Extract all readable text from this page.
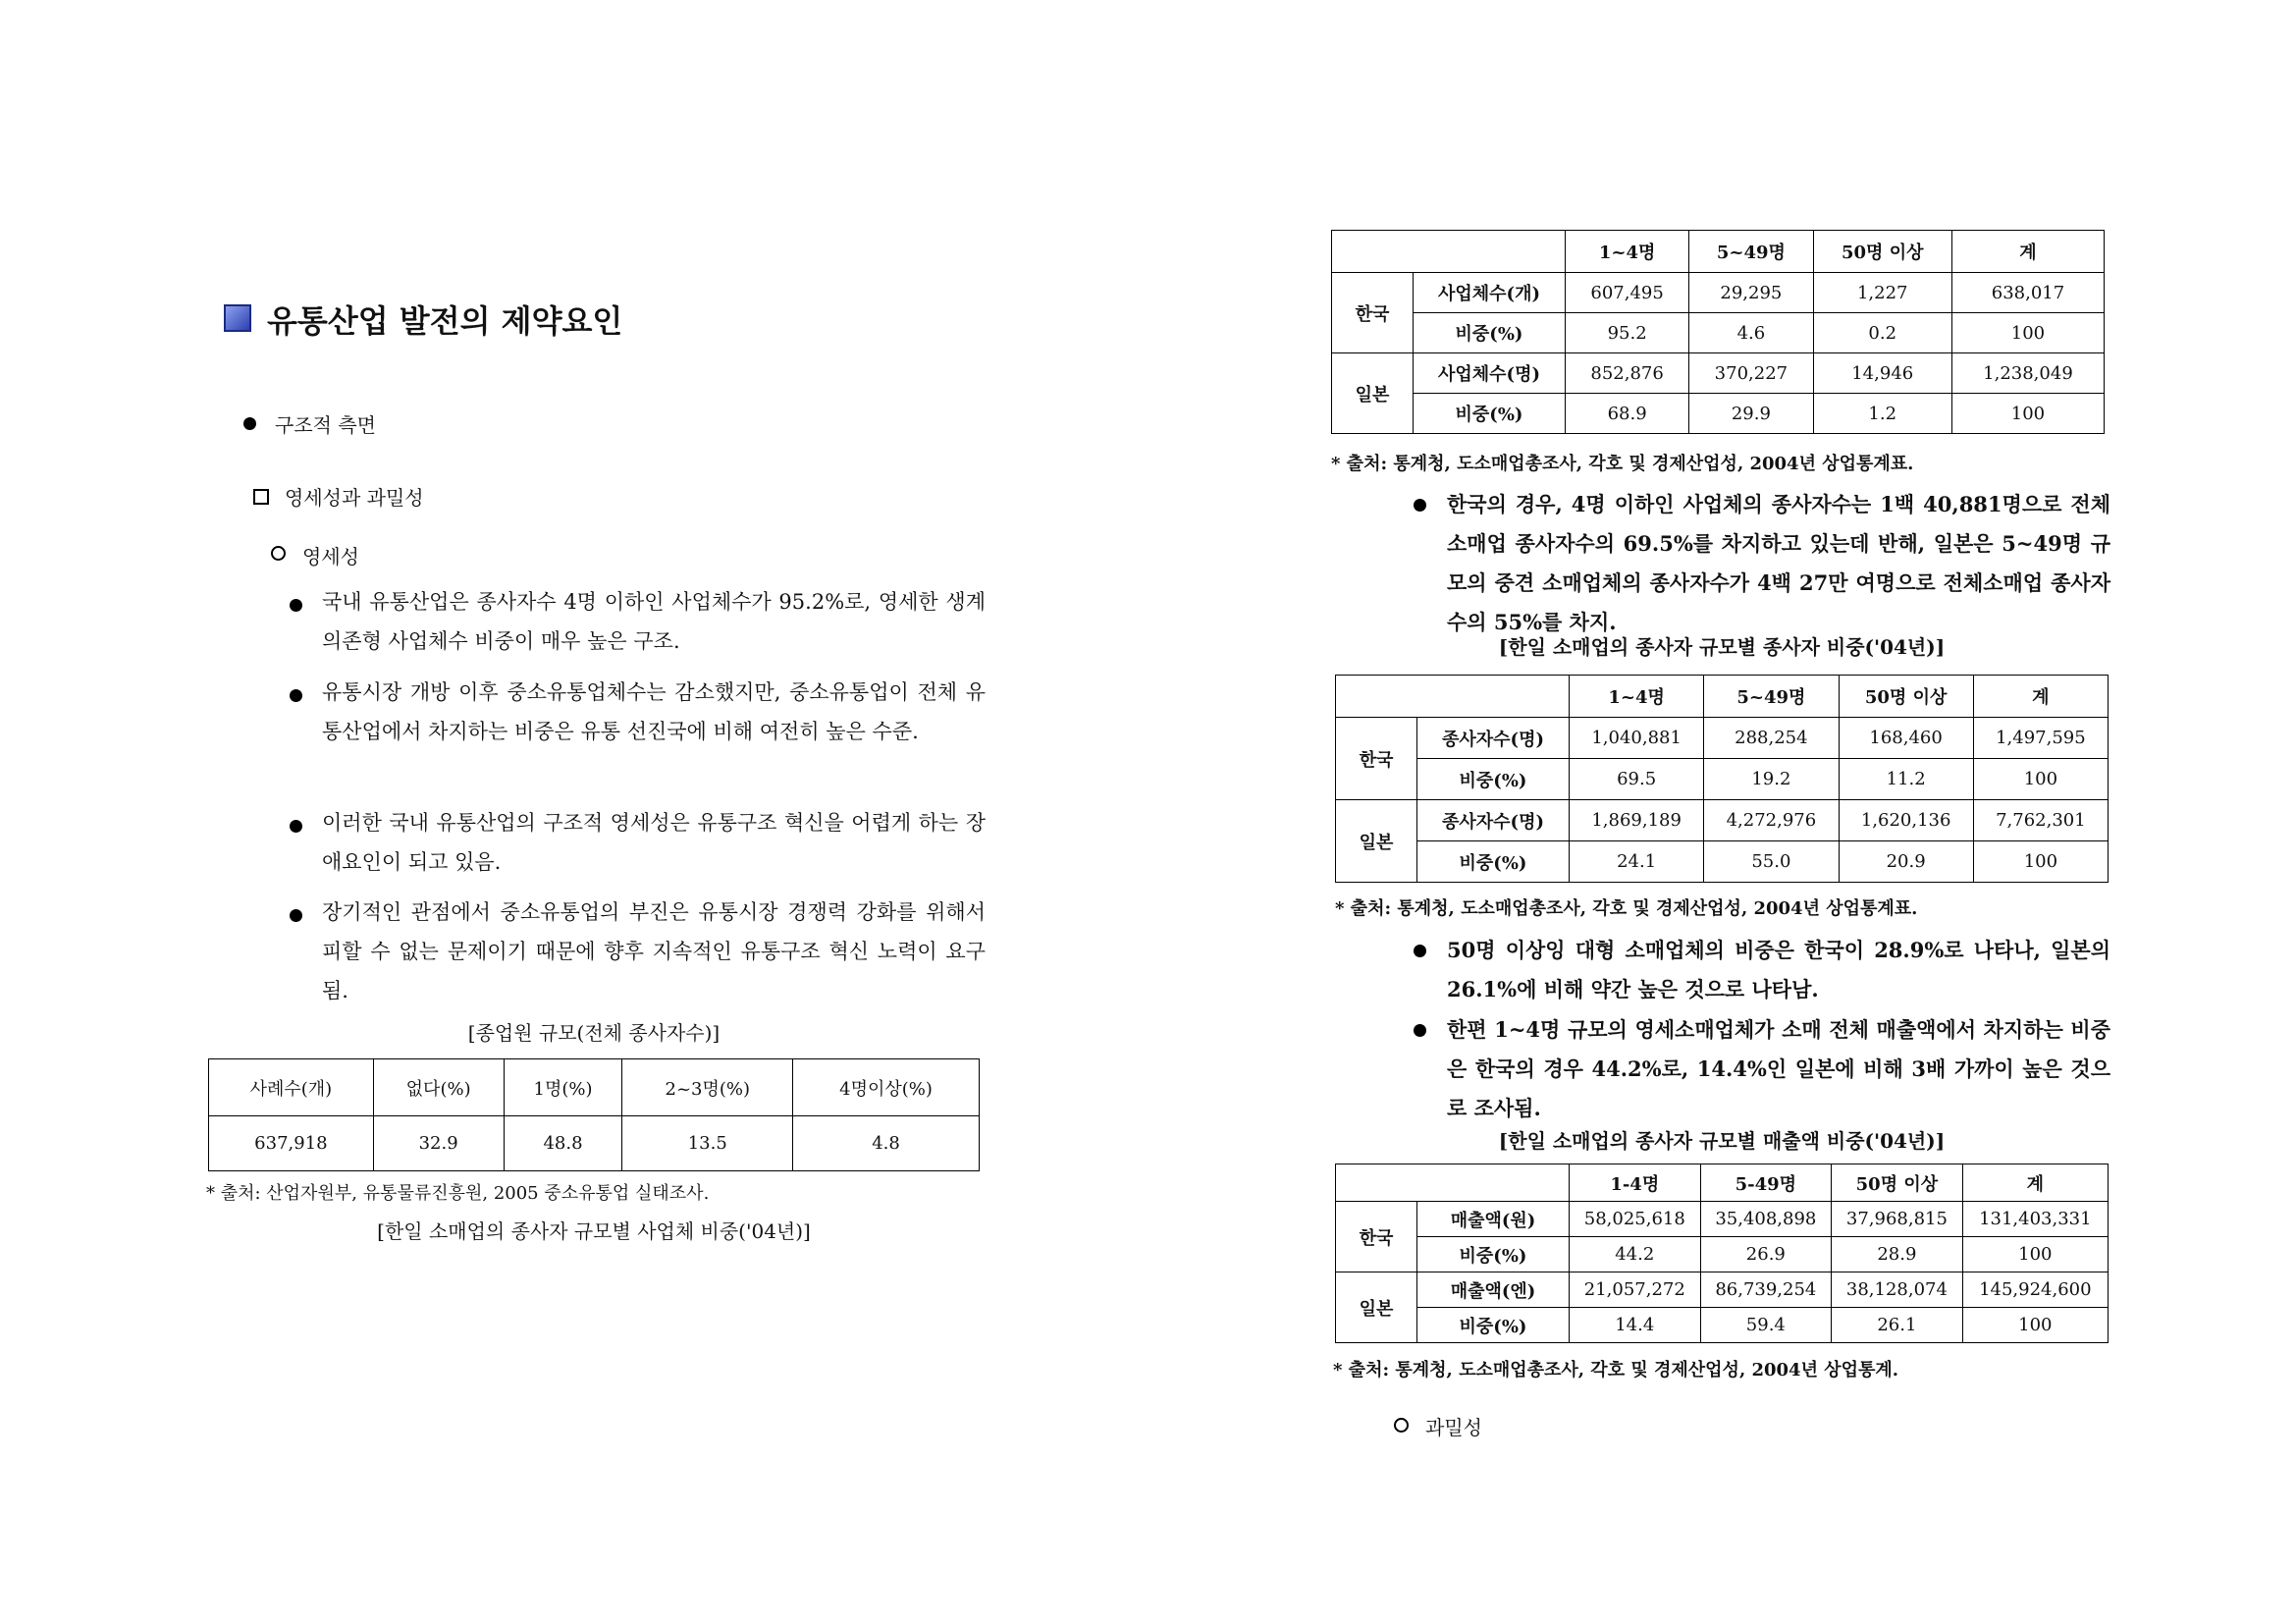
유통산업 발전의 제약요인
구조적 측면
영세성과 과밀성
영세성
국내 유통산업은 종사자수 4명 이하인 사업체수가 95.2%로, 영세한 생계의존형 사업체수 비중이 매우 높은 구조.
유통시장 개방 이후 중소유통업체수는 감소했지만, 중소유통업이 전체 유통산업에서 차지하는 비중은 유통 선진국에 비해 여전히 높은 수준.
이러한 국내 유통산업의 구조적 영세성은 유통구조 혁신을 어렵게 하는 장애요인이 되고 있음.
장기적인 관점에서 중소유통업의 부진은 유통시장 경쟁력 강화를 위해서 피할 수 없는 문제이기 때문에 향후 지속적인 유통구조 혁신 노력이 요구됨.
[종업원 규모(전체 종사자수)]
사례수(개)	없다(%)	1명(%)	2~3명(%)	4명이상(%)
637,918	32.9	48.8	13.5	4.8
* 출처: 산업자원부, 유통물류진흥원, 2005 중소유통업 실태조사.
[한일 소매업의 종사자 규모별 사업체 비중('04년)]
		1~4명	5~49명	50명 이상	계
한국	사업체수(개)	607,495	29,295	1,227	638,017
	비중(%)	95.2	4.6	0.2	100
일본	사업체수(명)	852,876	370,227	14,946	1,238,049
	비중(%)	68.9	29.9	1.2	100
* 출처: 통계청, 도소매업총조사, 각호 및 경제산업성, 2004년 상업통계표.
한국의 경우, 4명 이하인 사업체의 종사자수는 1백 40,881명으로 전체 소매업 종사자수의 69.5%를 차지하고 있는데 반해, 일본은 5~49명 규모의 중견 소매업체의 종사자수가 4백 27만 여명으로 전체소매업 종사자수의 55%를 차지.
[한일 소매업의 종사자 규모별 종사자 비중('04년)]
		1~4명	5~49명	50명 이상	계
한국	종사자수(명)	1,040,881	288,254	168,460	1,497,595
	비중(%)	69.5	19.2	11.2	100
일본	종사자수(명)	1,869,189	4,272,976	1,620,136	7,762,301
	비중(%)	24.1	55.0	20.9	100
* 출처: 통계청, 도소매업총조사, 각호 및 경제산업성, 2004년 상업통계표.
50명 이상잉 대형 소매업체의 비중은 한국이 28.9%로 나타나, 일본의 26.1%에 비해 약간 높은 것으로 나타남.
한편 1~4명 규모의 영세소매업체가 소매 전체 매출액에서 차지하는 비중은 한국의 경우 44.2%로, 14.4%인 일본에 비해 3배 가까이 높은 것으로 조사됨.
[한일 소매업의 종사자 규모별 매출액 비중('04년)]
		1-4명	5-49명	50명 이상	계
한국	매출액(원)	58,025,618	35,408,898	37,968,815	131,403,331
	비중(%)	44.2	26.9	28.9	100
일본	매출액(엔)	21,057,272	86,739,254	38,128,074	145,924,600
	비중(%)	14.4	59.4	26.1	100
* 출처: 통계청, 도소매업총조사, 각호 및 경제산업성, 2004년 상업통계.
과밀성
